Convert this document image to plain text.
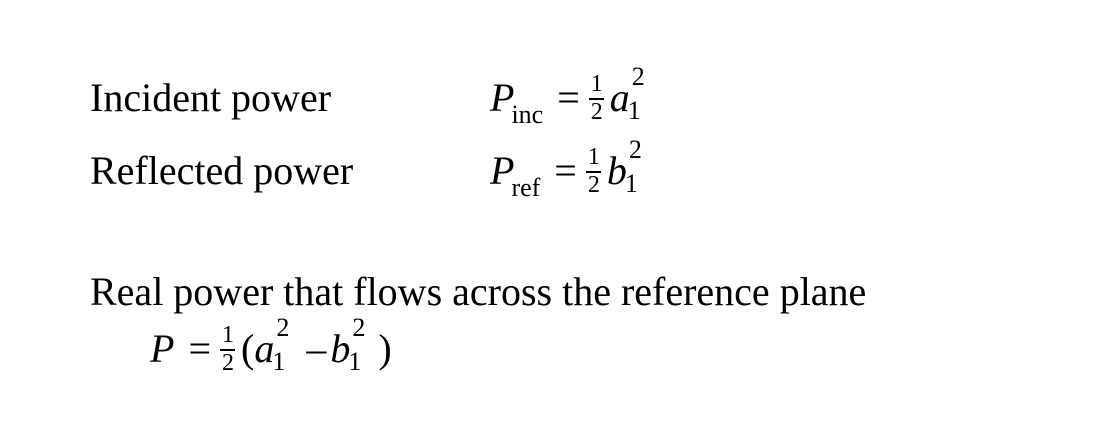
Incident power	$P_{inc} = \frac{1}{2}$ a 2
1
Reflected power	$P_{ref} = \frac{1}{2}$ b 2
1
Real power that flows across the reference plane
$P = \frac{1}{2} (a$ 2
1 – b 2
1 )
